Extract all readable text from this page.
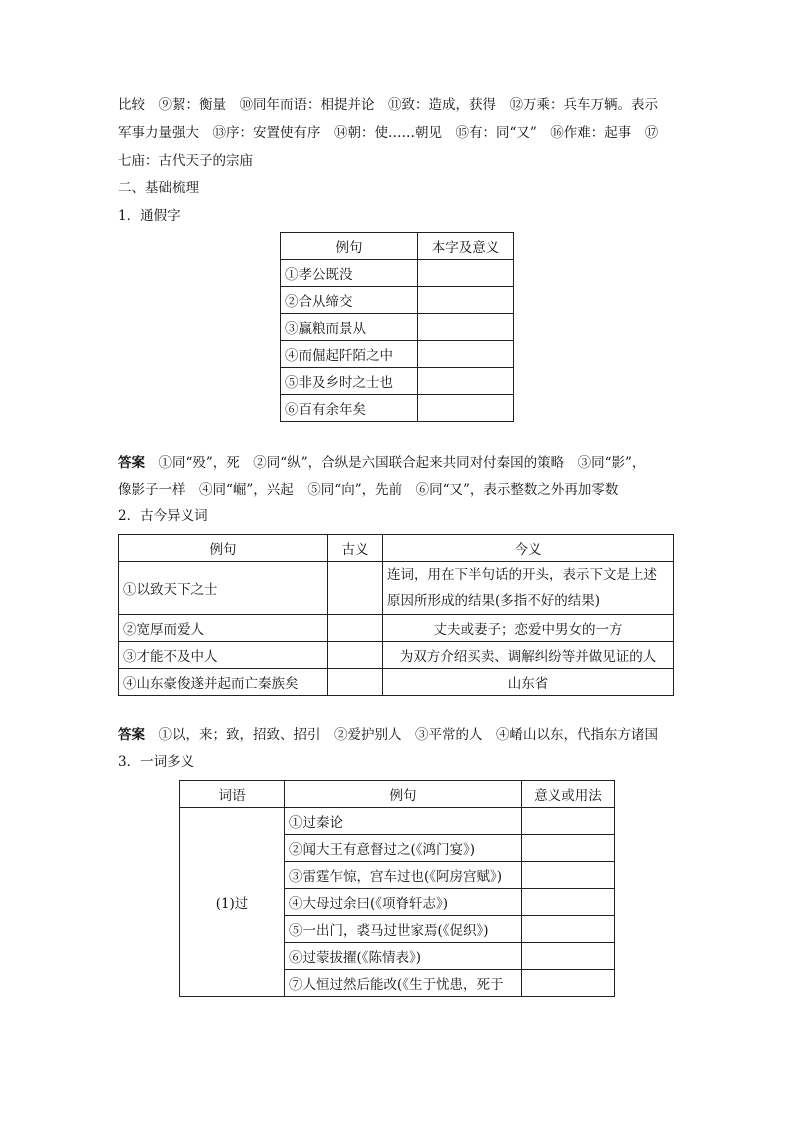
比较　⑨絜：衡量　⑩同年而语：相提并论　⑪致：造成，获得　⑫万乘：兵车万辆。表示
军事力量强大　⑬序：安置使有序　⑭朝：使……朝见　⑮有：同“又”　⑯作难：起事　⑰
七庙：古代天子的宗庙
二、基础梳理
1．通假字
例句	本字及意义
①孝公既没	
②合从缔交	
③赢粮而景从	
④而倔起阡陌之中	
⑤非及乡时之士也	
⑥百有余年矣	
答案　①同“殁”，死　②同“纵”，合纵是六国联合起来共同对付秦国的策略　③同“影”，
像影子一样　④同“崛”，兴起　⑤同“向”，先前　⑥同“又”，表示整数之外再加零数
2．古今异义词
例句	古义	今义
①以致天下之士		连词，用在下半句话的开头，表示下文是上述原因所形成的结果(多指不好的结果)
②宽厚而爱人		丈夫或妻子；恋爱中男女的一方
③才能不及中人		为双方介绍买卖、调解纠纷等并做见证的人
④山东豪俊遂并起而亡秦族矣		山东省
答案　①以，来；致，招致、招引　②爱护别人　③平常的人　④崤山以东，代指东方诸国
3．一词多义
词语	例句	意义或用法
(1)过	①过秦论	
	②闻大王有意督过之(《鸿门宴》)	
	③雷霆乍惊，宫车过也(《阿房宫赋》)	
	④大母过余曰(《项脊轩志》)	
	⑤一出门，裘马过世家焉(《促织》)	
	⑥过蒙拔擢(《陈情表》)	
	⑦人恒过然后能改(《生于忧患，死于	
